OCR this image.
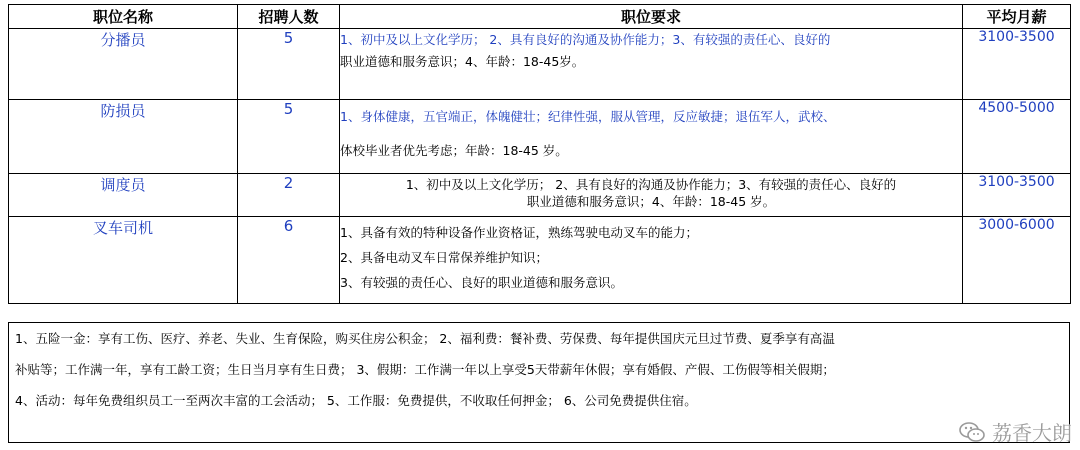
职位名称	招聘人数	职位要求	平均月薪
分播员	5	1、初中及以上文化学历； 2、具有良好的沟通及协作能力；3、有较强的责任心、良好的
职业道德和服务意识；4、年龄：18-45岁。	3100-3500
防损员	5	1、身体健康，五官端正，体魄健壮；纪律性强，服从管理，反应敏捷；退伍军人，武校、
体校毕业者优先考虑；年龄：18-45 岁。	4500-5000
调度员	2	1、初中及以上文化学历； 2、具有良好的沟通及协作能力；3、有较强的责任心、良好的
职业道德和服务意识；4、年龄：18-45 岁。	3100-3500
叉车司机	6	1、具备有效的特种设备作业资格证，熟练驾驶电动叉车的能力；
2、具备电动叉车日常保养维护知识；
3、有较强的责任心、良好的职业道德和服务意识。	3000-6000
1、五险一金：享有工伤、医疗、养老、失业、生育保险，购买住房公积金； 2、福利费：餐补费、劳保费、每年提供国庆元旦过节费、夏季享有高温
补贴等；工作满一年，享有工龄工资；生日当月享有生日费； 3、假期：工作满一年以上享受5天带薪年休假；享有婚假、产假、工伤假等相关假期；
4、活动：每年免费组织员工一至两次丰富的工会活动； 5、工作服：免费提供，不收取任何押金； 6、公司免费提供住宿。
荔香大朗
